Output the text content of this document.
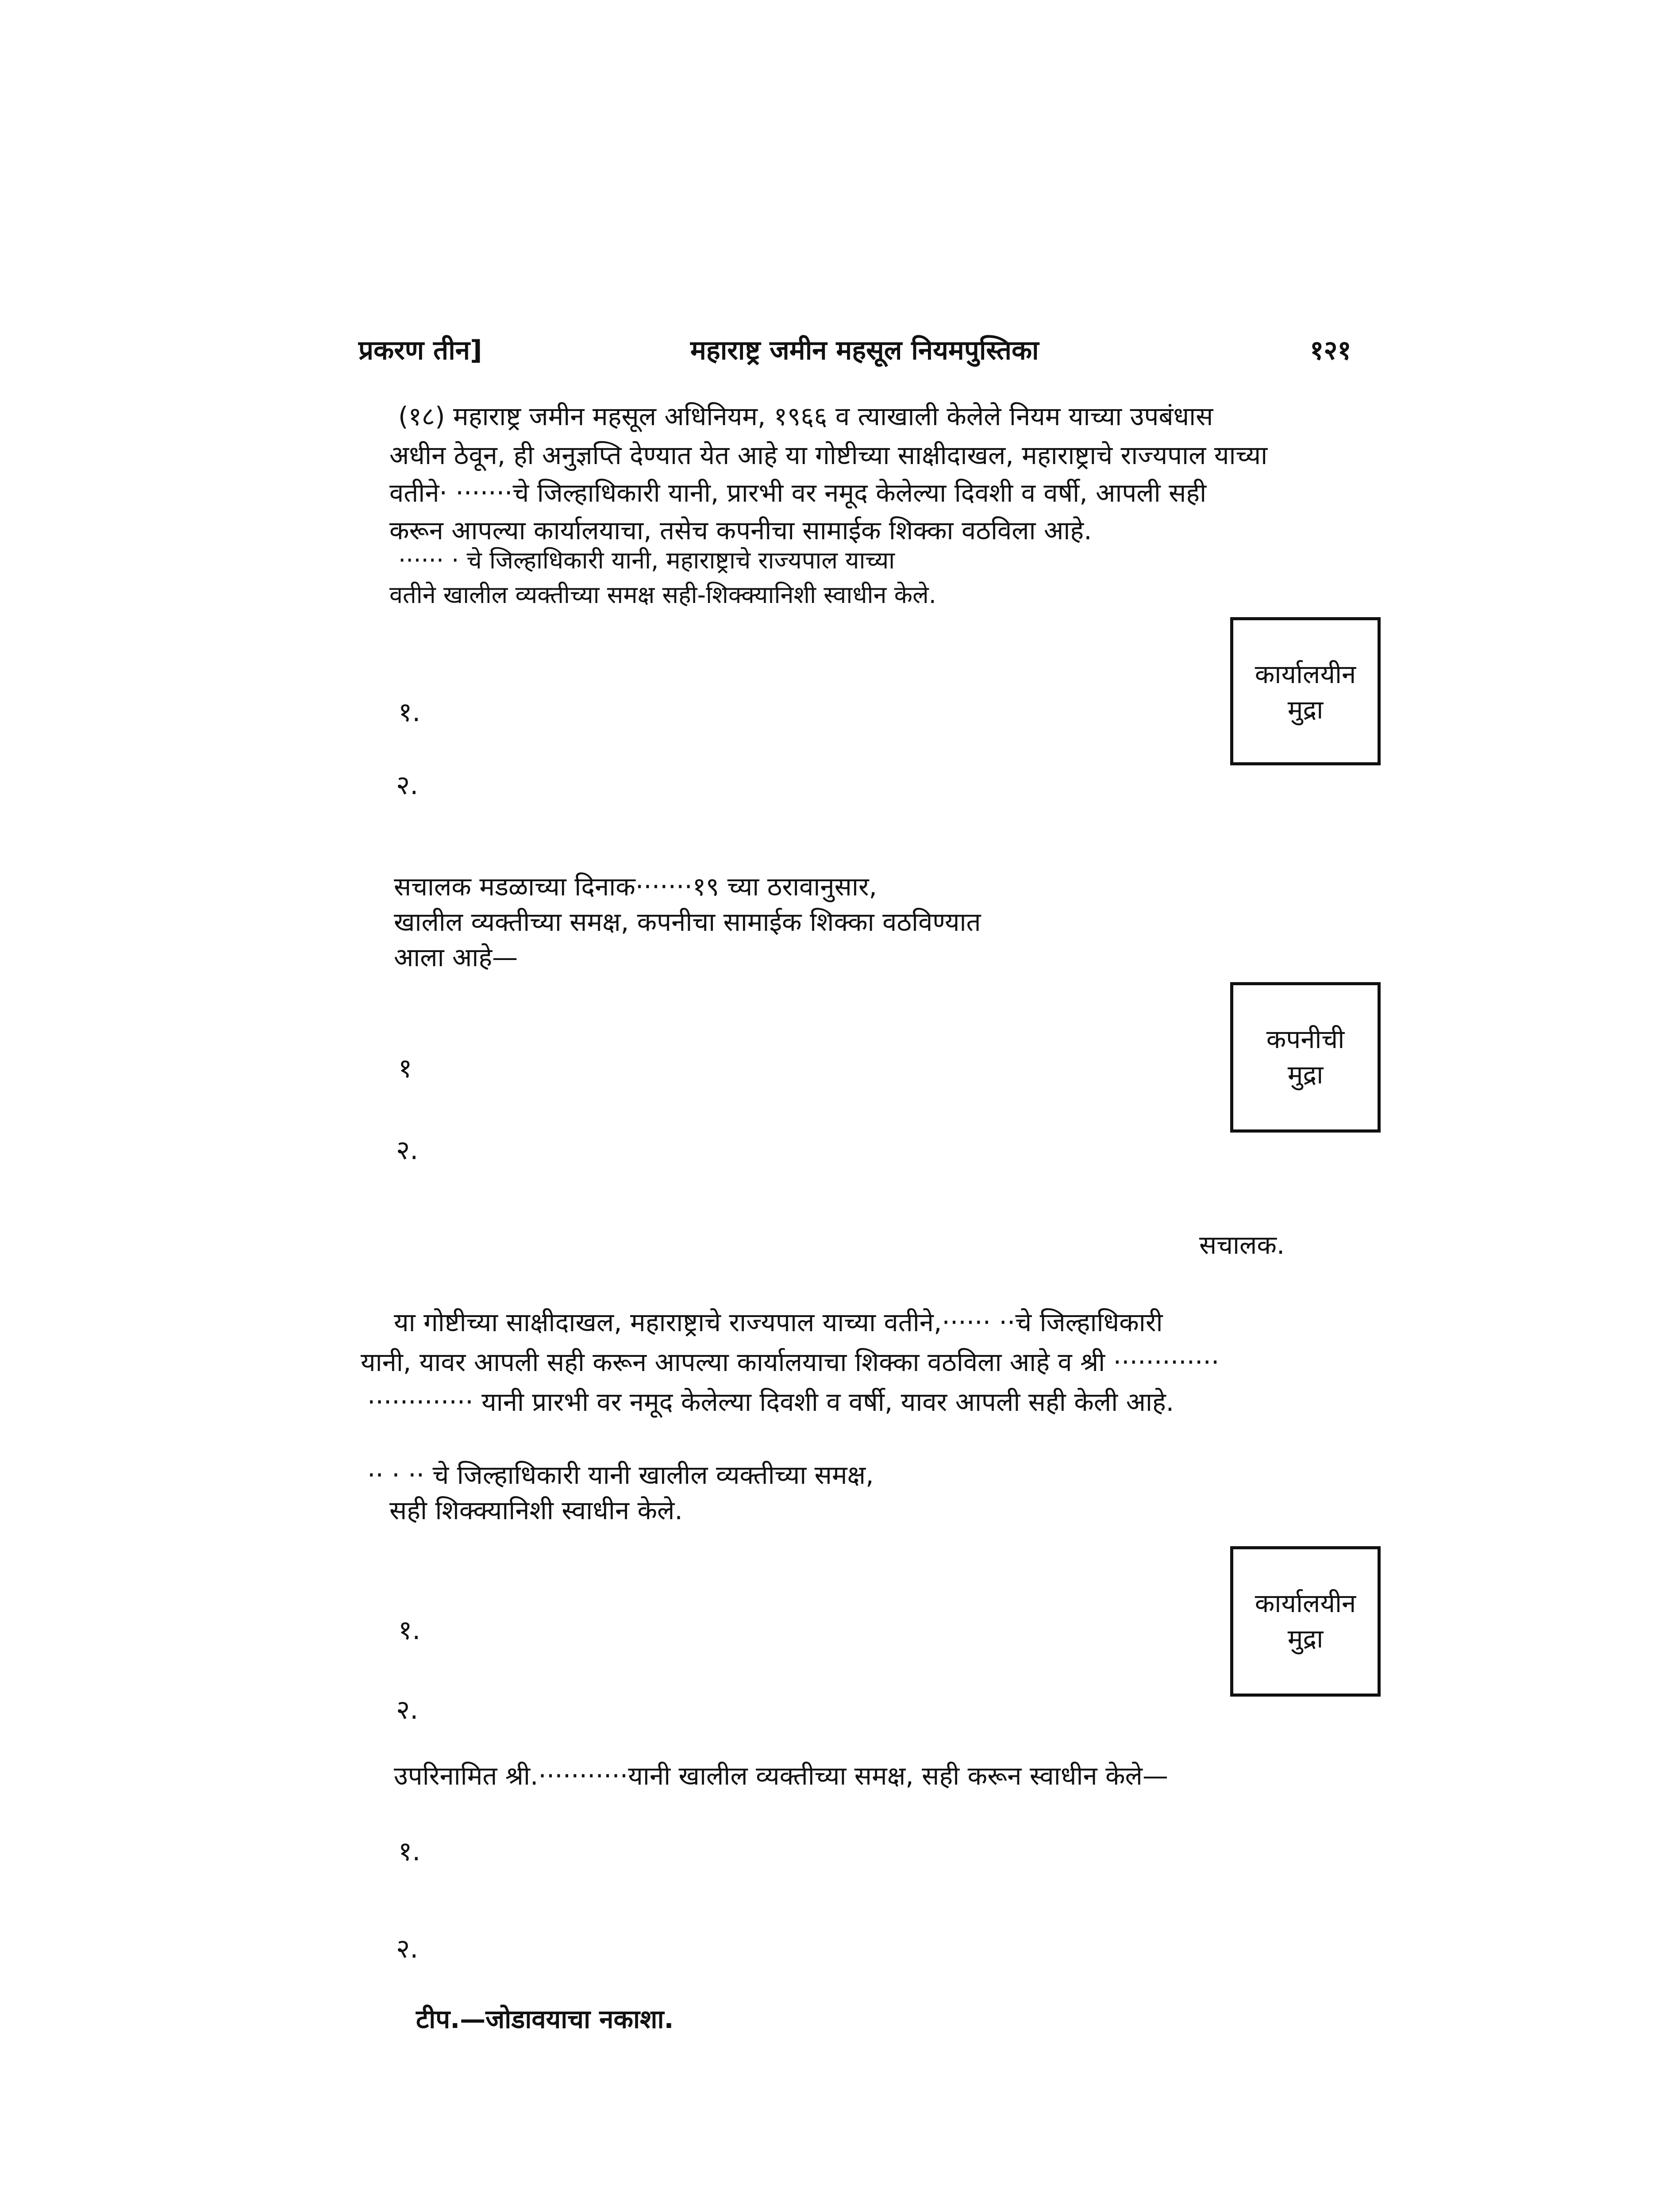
प्रकरण तीन]	महाराष्ट्र जमीन महसूल नियमपुस्तिका	१२१
(१८) महाराष्ट्र जमीन महसूल अधिनियम, १९६६ व त्याखाली केलेले नियम याच्या उपबंधास
अधीन ठेवून, ही अनुज्ञप्ति देण्यात येत आहे या गोष्टीच्या साक्षीदाखल, महाराष्ट्राचे राज्यपाल याच्या
वतीने· ·······चे जिल्हाधिकारी यानी, प्रारभी वर नमूद केलेल्या दिवशी व वर्षी, आपली सही
करून आपल्या कार्यालयाचा, तसेच कपनीचा सामाईक शिक्का वठविला आहे.
······ · चे जिल्हाधिकारी यानी, महाराष्ट्राचे राज्यपाल याच्या
वतीने खालील व्यक्तीच्या समक्ष सही-शिक्क्यानिशी स्वाधीन केले.
कार्यालयीन
मुद्रा
१.
२.
सचालक मडळाच्या दिनाक·······१९ च्या ठरावानुसार,
खालील व्यक्तीच्या समक्ष, कपनीचा सामाईक शिक्का वठविण्यात
आला आहे—
कपनीची
मुद्रा
१
२.
सचालक.
या गोष्टीच्या साक्षीदाखल, महाराष्ट्राचे राज्यपाल याच्या वतीने,······ ··चे जिल्हाधिकारी
यानी, यावर आपली सही करून आपल्या कार्यालयाचा शिक्का वठविला आहे व श्री ·············
············· यानी प्रारभी वर नमूद केलेल्या दिवशी व वर्षी, यावर आपली सही केली आहे.
·· · ·· चे जिल्हाधिकारी यानी खालील व्यक्तीच्या समक्ष,
सही शिक्क्यानिशी स्वाधीन केले.
कार्यालयीन
मुद्रा
१.
२.
उपरिनामित श्री.···········यानी खालील व्यक्तीच्या समक्ष, सही करून स्वाधीन केले—
१.
२.
टीप.—जोडावयाचा नकाशा.
